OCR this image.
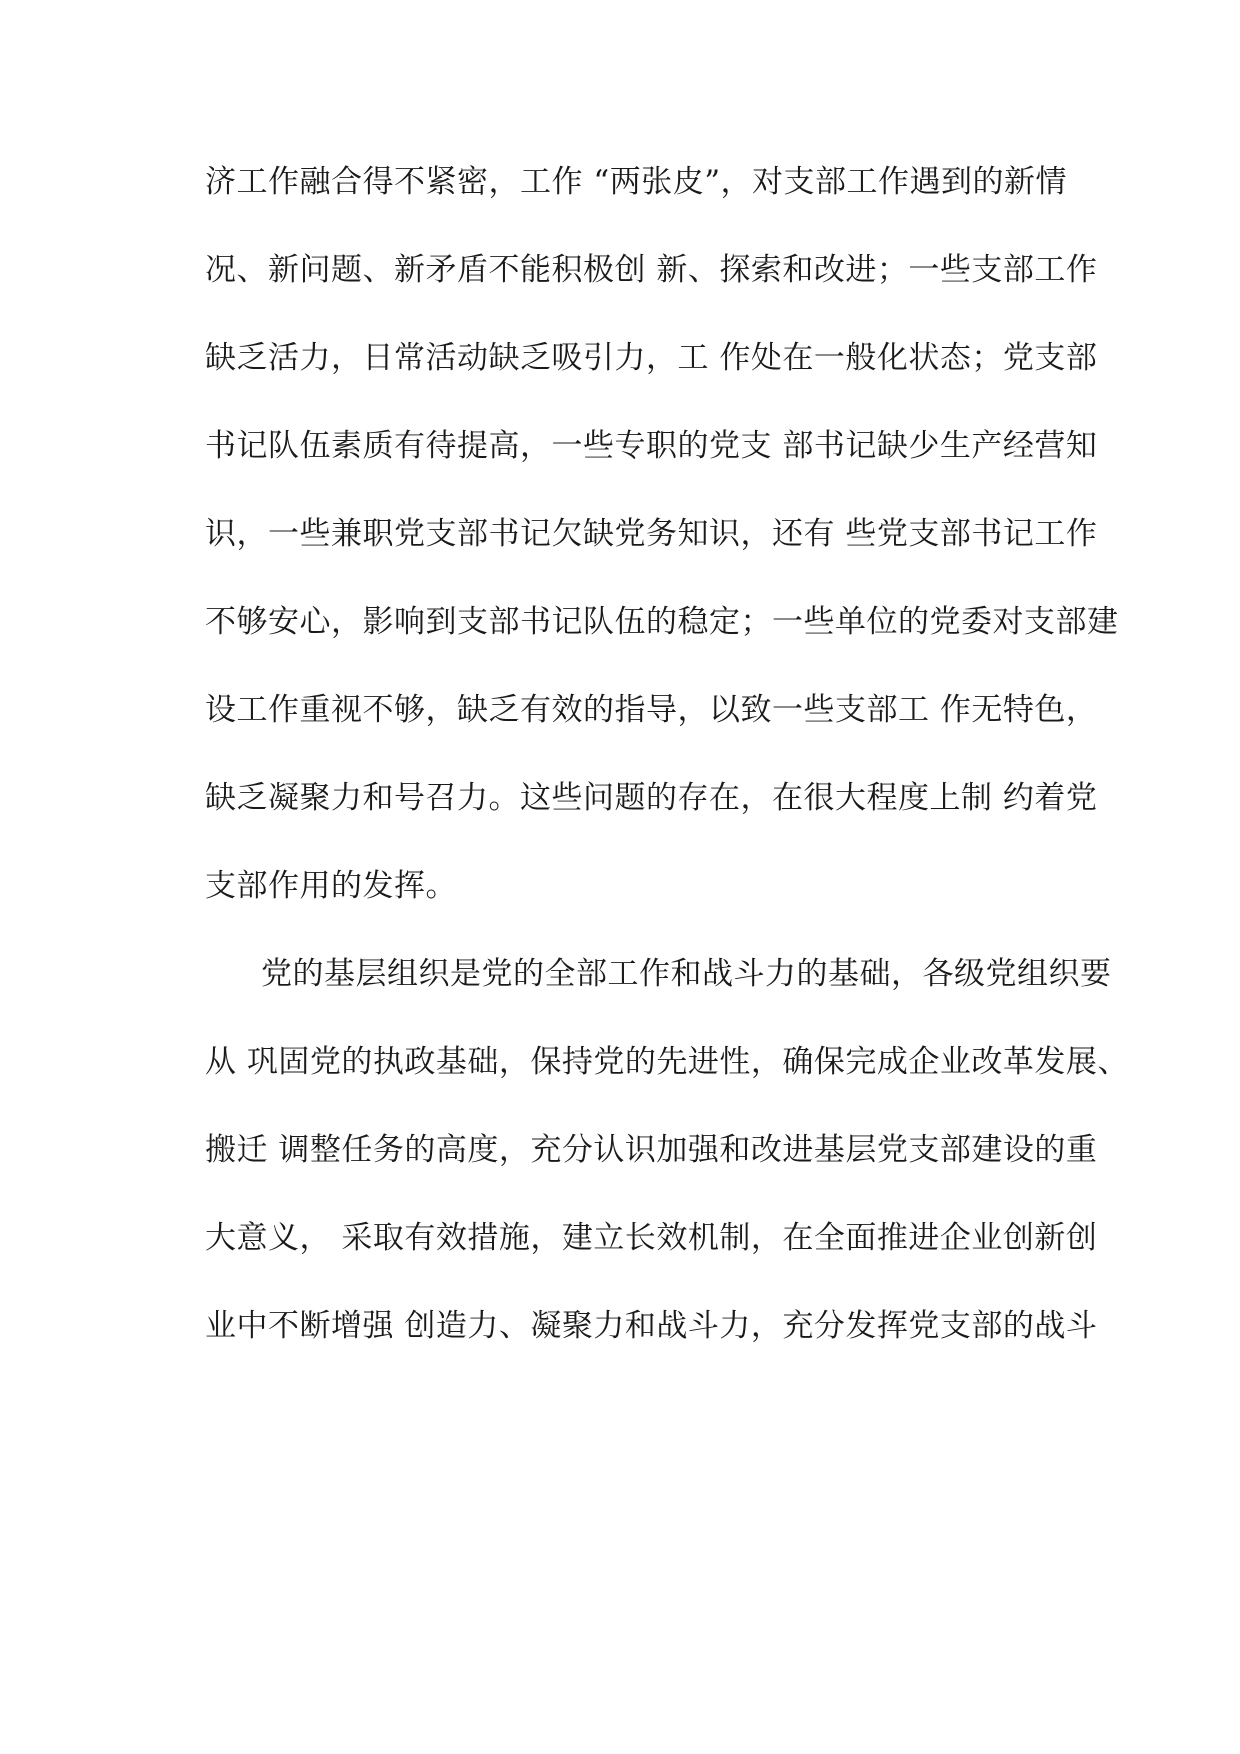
济工作融合得不紧密，工作 “两张皮”，对支部工作遇到的新情
况、新问题、新矛盾不能积极创 新、探索和改进；一些支部工作
缺乏活力，日常活动缺乏吸引力，工 作处在一般化状态；党支部
书记队伍素质有待提高，一些专职的党支 部书记缺少生产经营知
识，一些兼职党支部书记欠缺党务知识，还有 些党支部书记工作
不够安心，影响到支部书记队伍的稳定；一些单位的党委对支部建
设工作重视不够，缺乏有效的指导，以致一些支部工 作无特色，
缺乏凝聚力和号召力。这些问题的存在，在很大程度上制 约着党
支部作用的发挥。
党的基层组织是党的全部工作和战斗力的基础，各级党组织要
从 巩固党的执政基础，保持党的先进性，确保完成企业改革发展、
搬迁 调整任务的高度，充分认识加强和改进基层党支部建设的重
大意义， 采取有效措施，建立长效机制，在全面推进企业创新创
业中不断增强 创造力、凝聚力和战斗力，充分发挥党支部的战斗
